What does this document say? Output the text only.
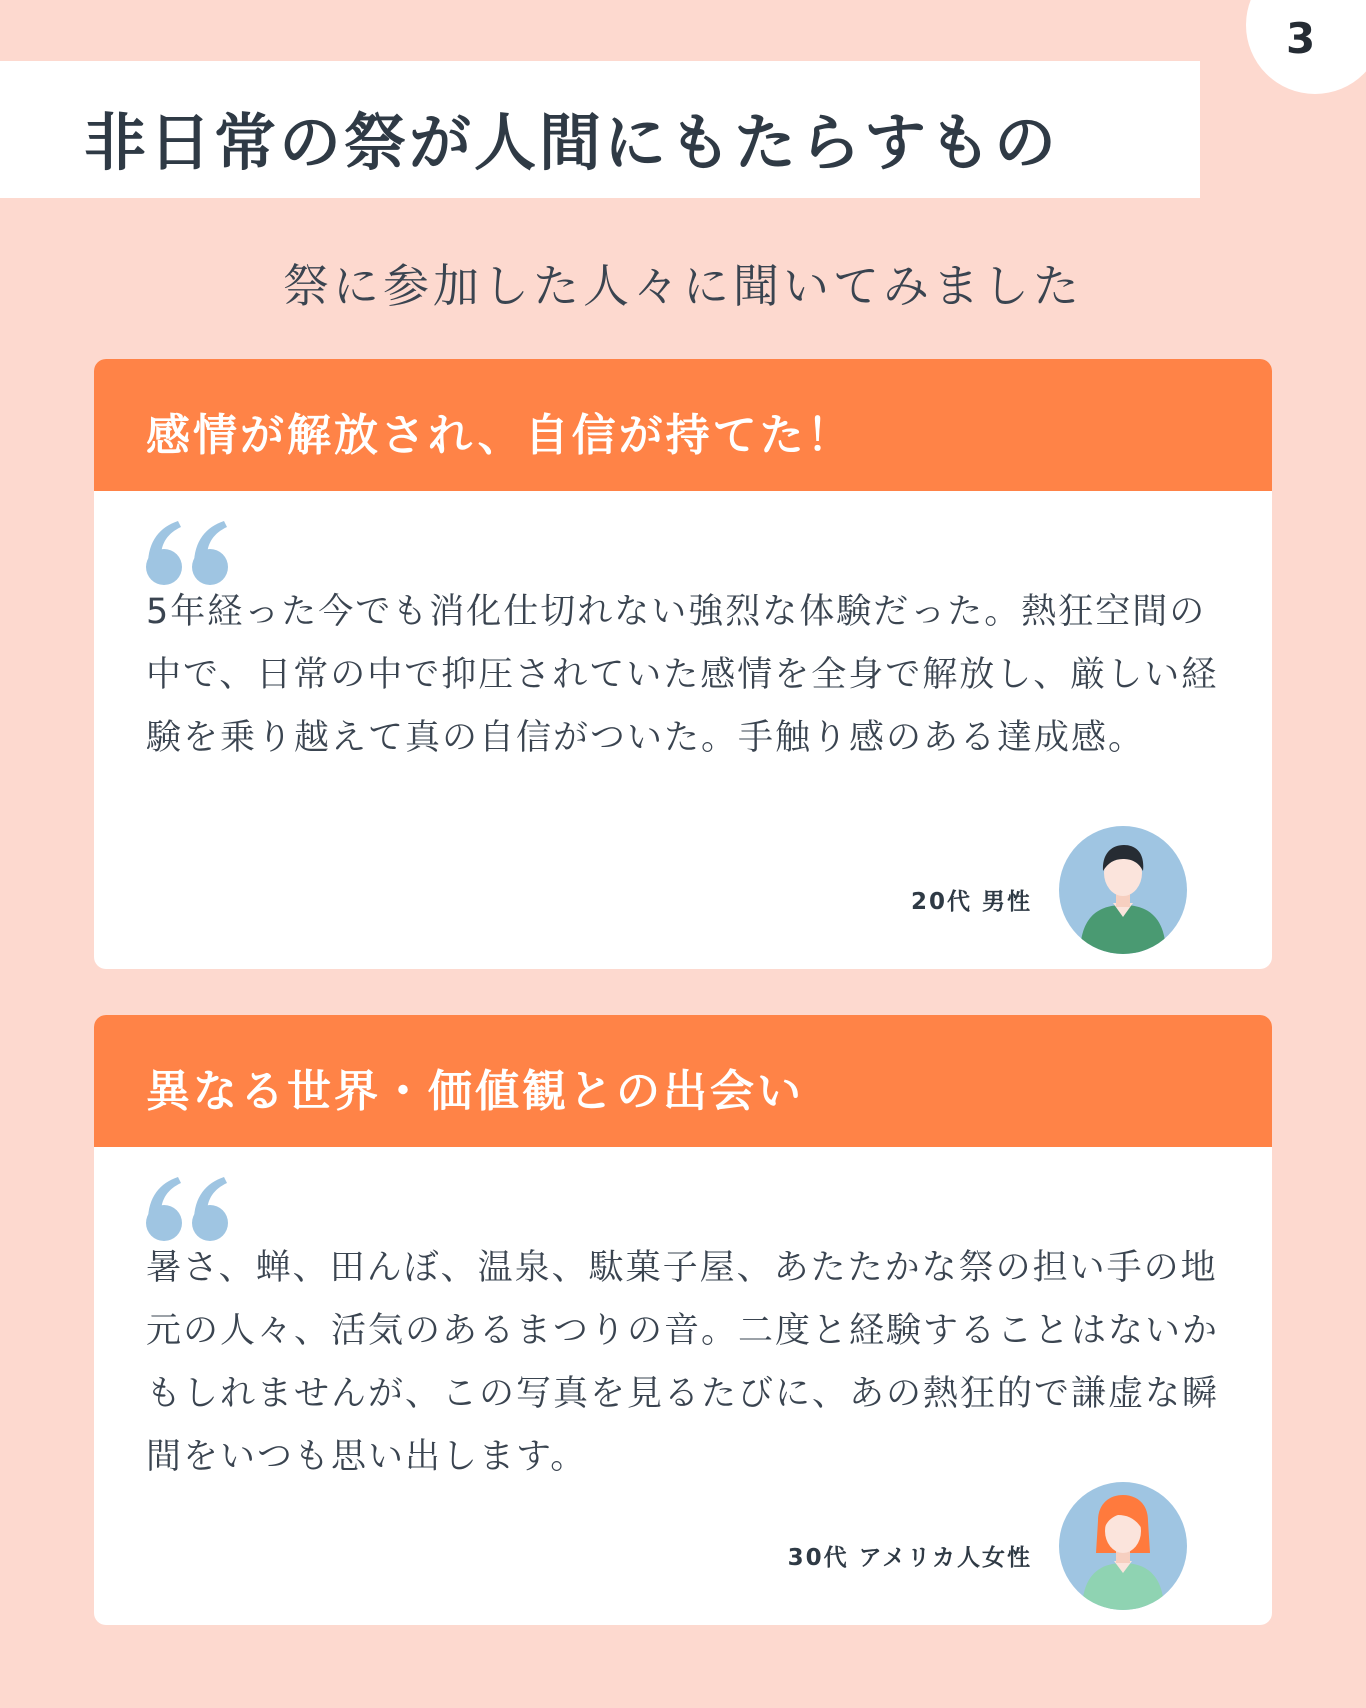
3
非日常の祭が人間にもたらすもの
祭に参加した人々に聞いてみました
感情が解放され、自信が持てた！

5年経った今でも消化仕切れない強烈な体験だった。熱狂空間の中で、日常の中で抑圧されていた感情を全身で解放し、厳しい経験を乗り越えて真の自信がついた。手触り感のある達成感。

20代 男性
異なる世界・価値観との出会い

暑さ、蝉、田んぼ、温泉、駄菓子屋、あたたかな祭の担い手の地元の人々、活気のあるまつりの音。二度と経験することはないかもしれませんが、この写真を見るたびに、あの熱狂的で謙虚な瞬間をいつも思い出します。

30代 アメリカ人女性
